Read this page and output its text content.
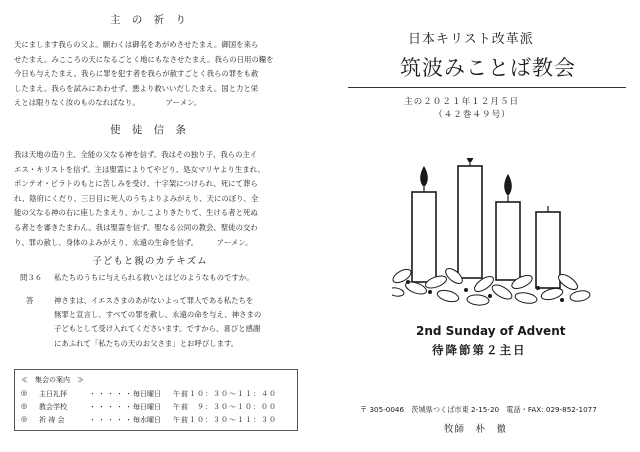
主 の 祈 り
天にまします我らの父よ。願わくは御名をあがめさせたまえ。御国を来ら
せたまえ。みこころの天になるごとく地にもなさせたまえ。我らの日用の糧を
今日も与えたまえ。我らに罪を犯す者を我らが赦すごとく我らの罪をも赦
したまえ。我らを試みにあわせず、悪より救いいだしたまえ。国と力と栄
えとは限りなく汝のものなればなり。　　　　アーメン。
使 徒 信 条
我は天地の造り主、全能の父なる神を信ず。我はその独り子、我らの主イ
エス・キリストを信ず。主は聖霊によりてやどり、処女マリヤより生まれ、
ポンテオ・ピラトのもとに苦しみを受け、十字架につけられ、死にて葬ら
れ、陰府にくだり、三日目に死人のうちよりよみがえり、天にのぼり、全
能の父なる神の右に座したまえり、かしこよりきたりて、生ける者と死ぬ
る者とを審きたまわん。我は聖霊を信ず。聖なる公同の教会、聖徒の交わ
り、罪の赦し、身体のよみがえり、永遠の生命を信ず。　　　アーメン。
子どもと親のカテキズム
問３６ 私たちのうちに与えられる救いとはどのようなものですか。
答	神さまは、イエスさまのあがないよって罪人である私たちを
無罪と宣言し、すべての罪を赦し、永遠の命を与え、神さまの
子どもとして受け入れてくださいます。ですから、喜びと感謝
にあふれて「私たちの天のお父さま」とお呼びします。
≪　集会の案内　≫
◎ 主日礼拝	・・・・・ 毎日曜日 午前１０：３０～１１：４０
◎ 教会学校	・・・・・ 毎日曜日 午前　９：３０～１０：００
◎ 祈 祷 会	・・・・・ 毎水曜日 午前１０：３０～１１：３０
日本キリスト改革派
筑波みことば教会
主の２０２１年１２月５日
（４２巻４９号）
2nd Sunday of Advent
待降節第２主日
〒 305-0046　茨城県つくば市東 2-15-20　電話・FAX: 029-852-1077
牧師　朴　徹
